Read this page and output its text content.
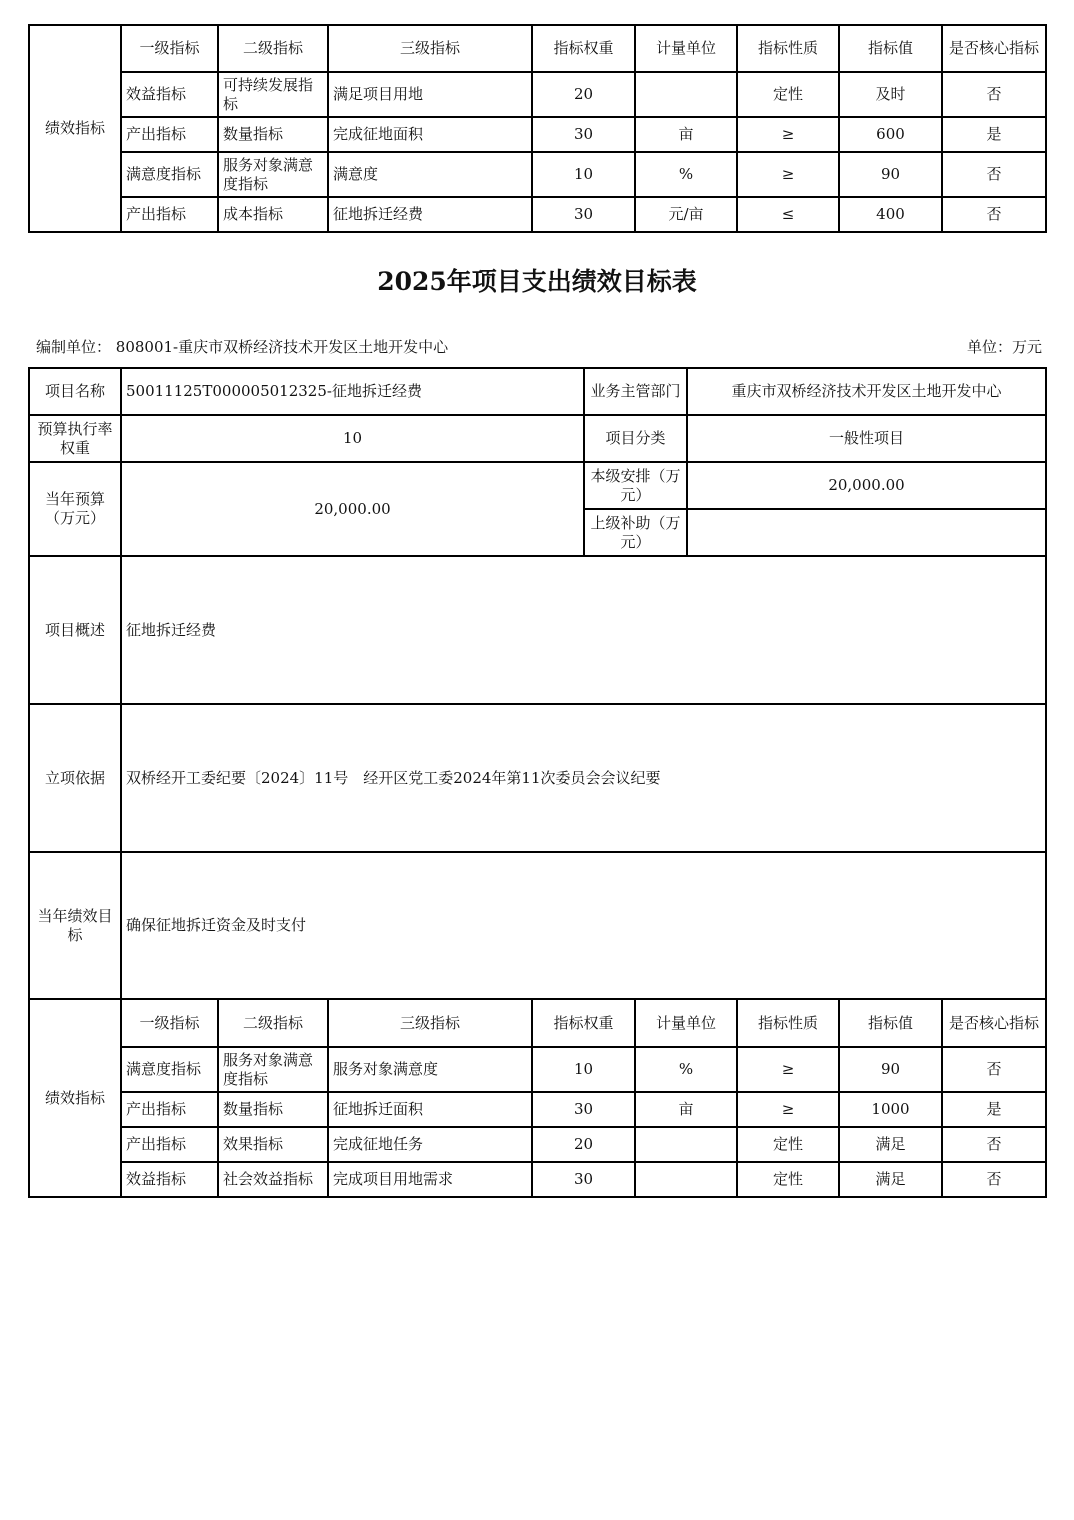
绩效指标	一级指标	二级指标	三级指标	指标权重	计量单位	指标性质	指标值	是否核心指标
	效益指标	可持续发展指标	满足项目用地	20		定性	及时	否
	产出指标	数量指标	完成征地面积	30	亩	≥	600	是
	满意度指标	服务对象满意度指标	满意度	10	%	≥	90	否
	产出指标	成本指标	征地拆迁经费	30	元/亩	≤	400	否
2025年项目支出绩效目标表
编制单位： 808001-重庆市双桥经济技术开发区土地开发中心	单位：万元
项目名称	50011125T000005012325-征地拆迁经费	业务主管部门	重庆市双桥经济技术开发区土地开发中心
预算执行率权重	10	项目分类	一般性项目
当年预算（万元）	20,000.00	本级安排（万元）	20,000.00
		上级补助（万元）	
项目概述	征地拆迁经费		
立项依据	双桥经开工委纪要〔2024〕11号　经开区党工委2024年第11次委员会会议纪要		
当年绩效目标	确保征地拆迁资金及时支付		
绩效指标	一级指标	二级指标	三级指标	指标权重	计量单位	指标性质	指标值	是否核心指标
	满意度指标	服务对象满意度指标	服务对象满意度	10	%	≥	90	否
	产出指标	数量指标	征地拆迁面积	30	亩	≥	1000	是
	产出指标	效果指标	完成征地任务	20		定性	满足	否
	效益指标	社会效益指标	完成项目用地需求	30		定性	满足	否
